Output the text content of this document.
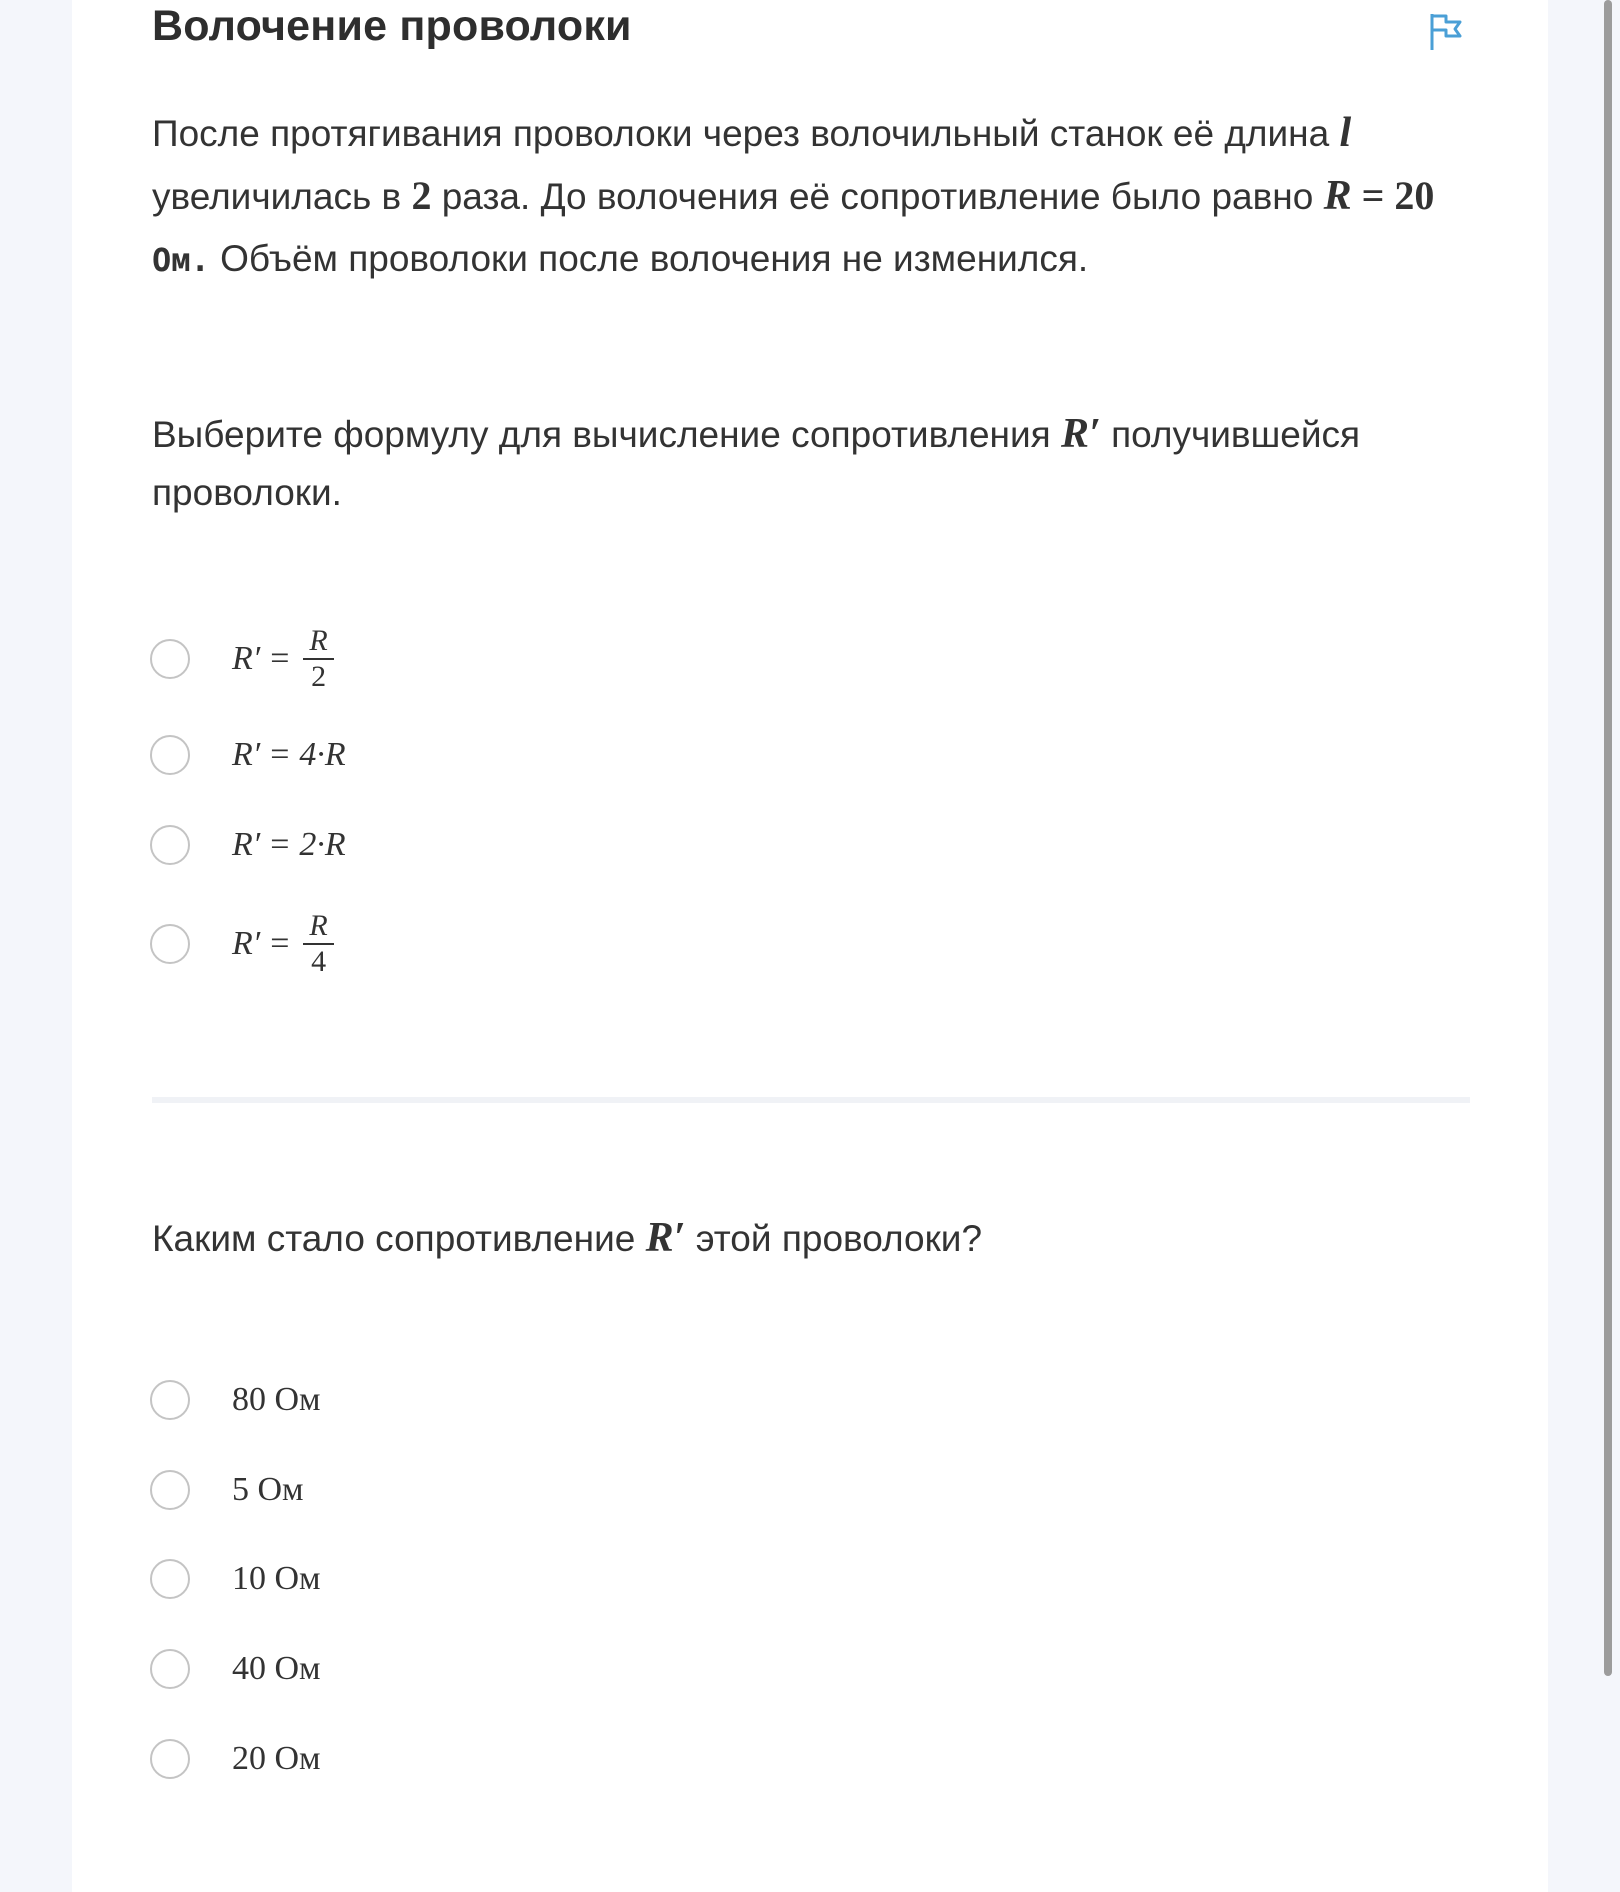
Волочение проволоки

После протягивания проволоки через волочильный станок её длина l увеличилась в 2 раза. До волочения её сопротивление было равно R = 20 Ом. Объём проволоки после волочения не изменился.

Выберите формулу для вычисление сопротивления R′ получившейся проволоки.

$R' = \frac{R}{2}$
R′ = 4·R
R′ = 2·R
$R' = \frac{R}{4}$

Каким стало сопротивление R′ этой проволоки?

80 Ом
5 Ом
10 Ом
40 Ом
20 Ом
